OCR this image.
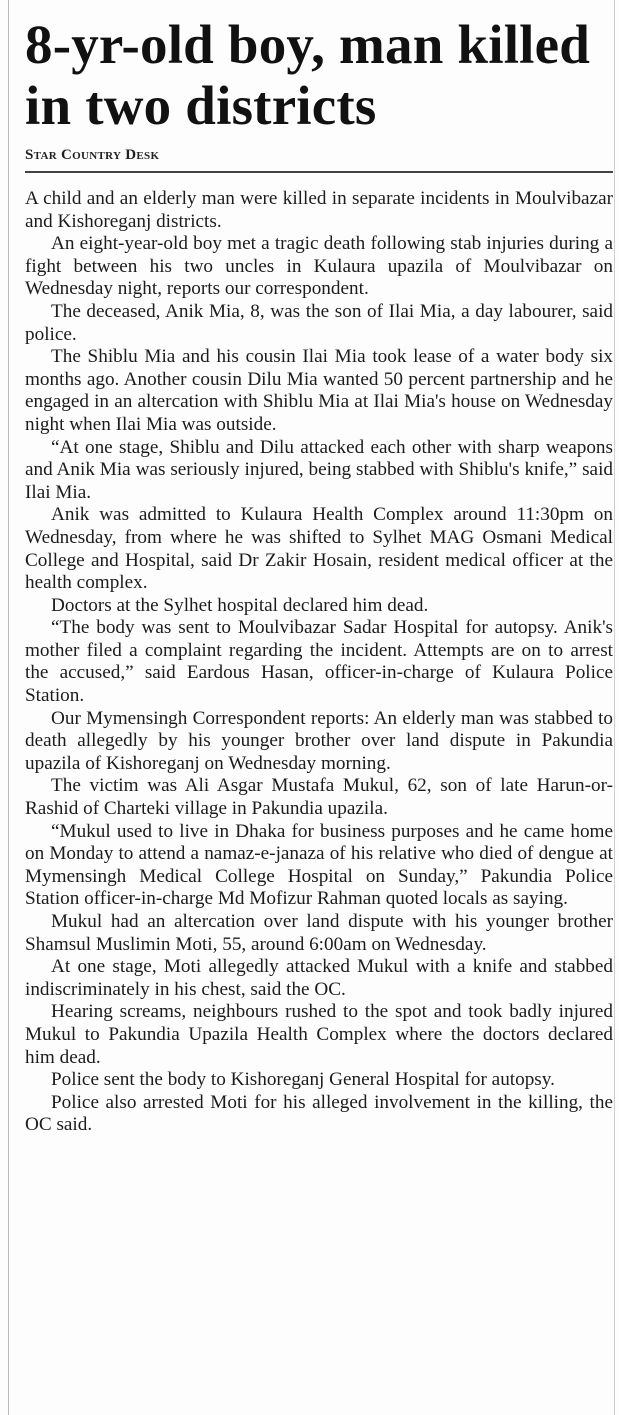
8-yr-old boy, man killed in two districts
Star Country Desk

A child and an elderly man were killed in separate incidents in Moulvibazar and Kishoreganj districts.

An eight-year-old boy met a tragic death following stab injuries during a fight between his two uncles in Kulaura upazila of Moulvibazar on Wednesday night, reports our correspondent.

The deceased, Anik Mia, 8, was the son of Ilai Mia, a day labourer, said police.

The Shiblu Mia and his cousin Ilai Mia took lease of a water body six months ago. Another cousin Dilu Mia wanted 50 percent partnership and he engaged in an altercation with Shiblu Mia at Ilai Mia's house on Wednesday night when Ilai Mia was outside.

“At one stage, Shiblu and Dilu attacked each other with sharp weapons and Anik Mia was seriously injured, being stabbed with Shiblu's knife,” said Ilai Mia.

Anik was admitted to Kulaura Health Complex around 11:30pm on Wednesday, from where he was shifted to Sylhet MAG Osmani Medical College and Hospital, said Dr Zakir Hosain, resident medical officer at the health complex.

Doctors at the Sylhet hospital declared him dead.

“The body was sent to Moulvibazar Sadar Hospital for autopsy. Anik's mother filed a complaint regarding the incident. Attempts are on to arrest the accused,” said Eardous Hasan, officer-in-charge of Kulaura Police Station.

Our Mymensingh Correspondent reports: An elderly man was stabbed to death allegedly by his younger brother over land dispute in Pakundia upazila of Kishoreganj on Wednesday morning.

The victim was Ali Asgar Mustafa Mukul, 62, son of late Harun-or-Rashid of Charteki village in Pakundia upazila.

“Mukul used to live in Dhaka for business purposes and he came home on Monday to attend a namaz-e-janaza of his relative who died of dengue at Mymensingh Medical College Hospital on Sunday,” Pakundia Police Station officer-in-charge Md Mofizur Rahman quoted locals as saying.

Mukul had an altercation over land dispute with his younger brother Shamsul Muslimin Moti, 55, around 6:00am on Wednesday.

At one stage, Moti allegedly attacked Mukul with a knife and stabbed indiscriminately in his chest, said the OC.

Hearing screams, neighbours rushed to the spot and took badly injured Mukul to Pakundia Upazila Health Complex where the doctors declared him dead.

Police sent the body to Kishoreganj General Hospital for autopsy.

Police also arrested Moti for his alleged involvement in the killing, the OC said.
